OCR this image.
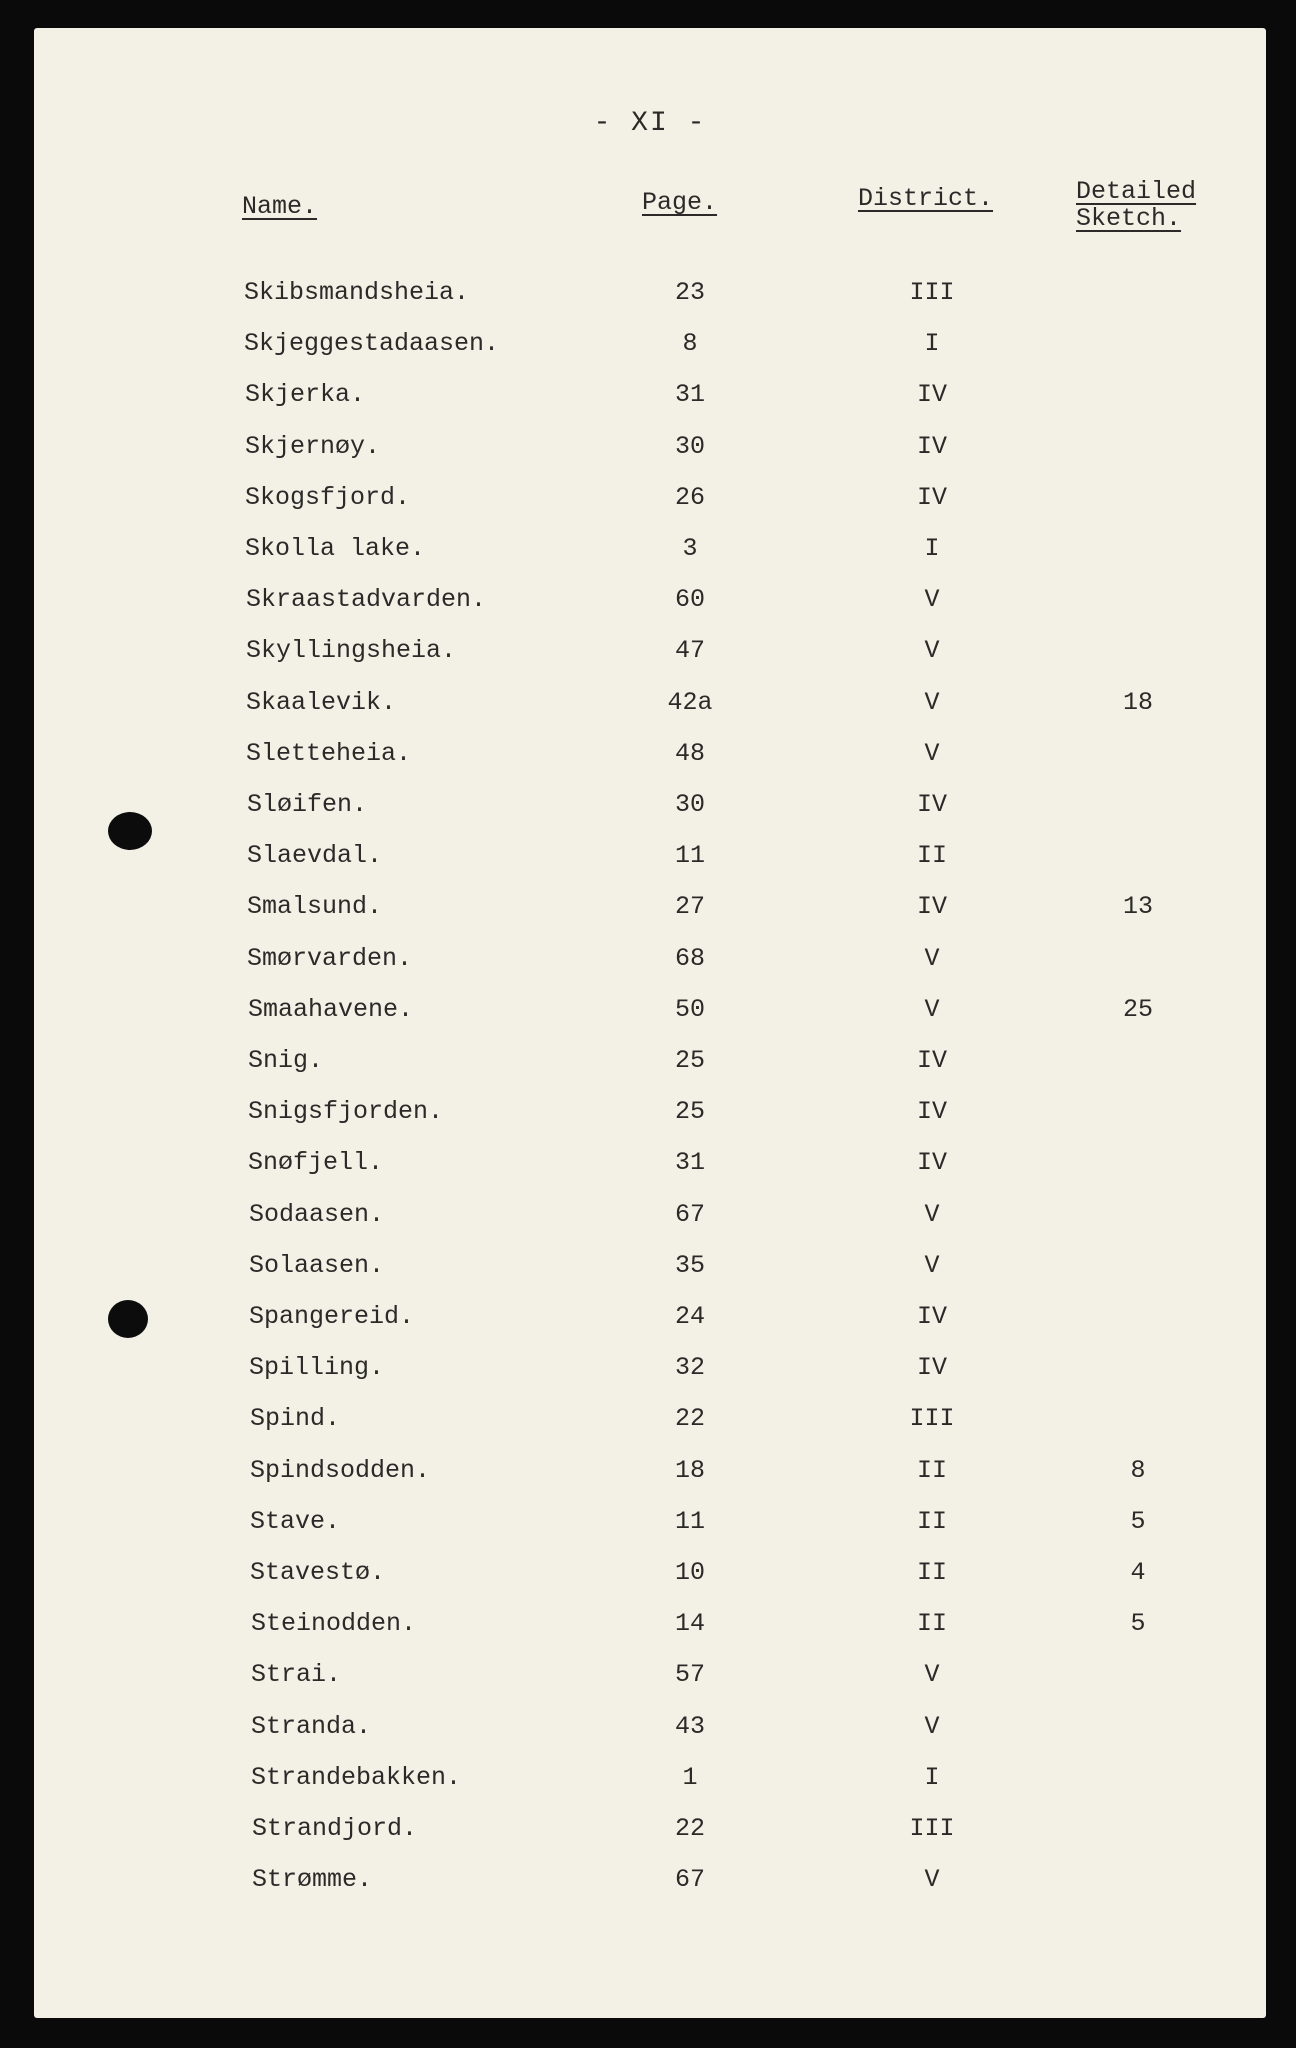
- XI -
Name.	Page.	District.	Detailed
Sketch.
Skibsmandsheia.	23	III
Skjeggestadaasen.	8	I
Skjerka.	31	IV
Skjernøy.	30	IV
Skogsfjord.	26	IV
Skolla lake.	3	I
Skraastadvarden.	60	V
Skyllingsheia.	47	V
Skaalevik.	42a	V	18
Sletteheia.	48	V
Sløifen.	30	IV
Slaevdal.	11	II
Smalsund.	27	IV	13
Smørvarden.	68	V
Smaahavene.	50	V	25
Snig.	25	IV
Snigsfjorden.	25	IV
Snøfjell.	31	IV
Sodaasen.	67	V
Solaasen.	35	V
Spangereid.	24	IV
Spilling.	32	IV
Spind.	22	III
Spindsodden.	18	II	8
Stave.	11	II	5
Stavestø.	10	II	4
Steinodden.	14	II	5
Strai.	57	V
Stranda.	43	V
Strandebakken.	1	I
Strandjord.	22	III
Strømme.	67	V
